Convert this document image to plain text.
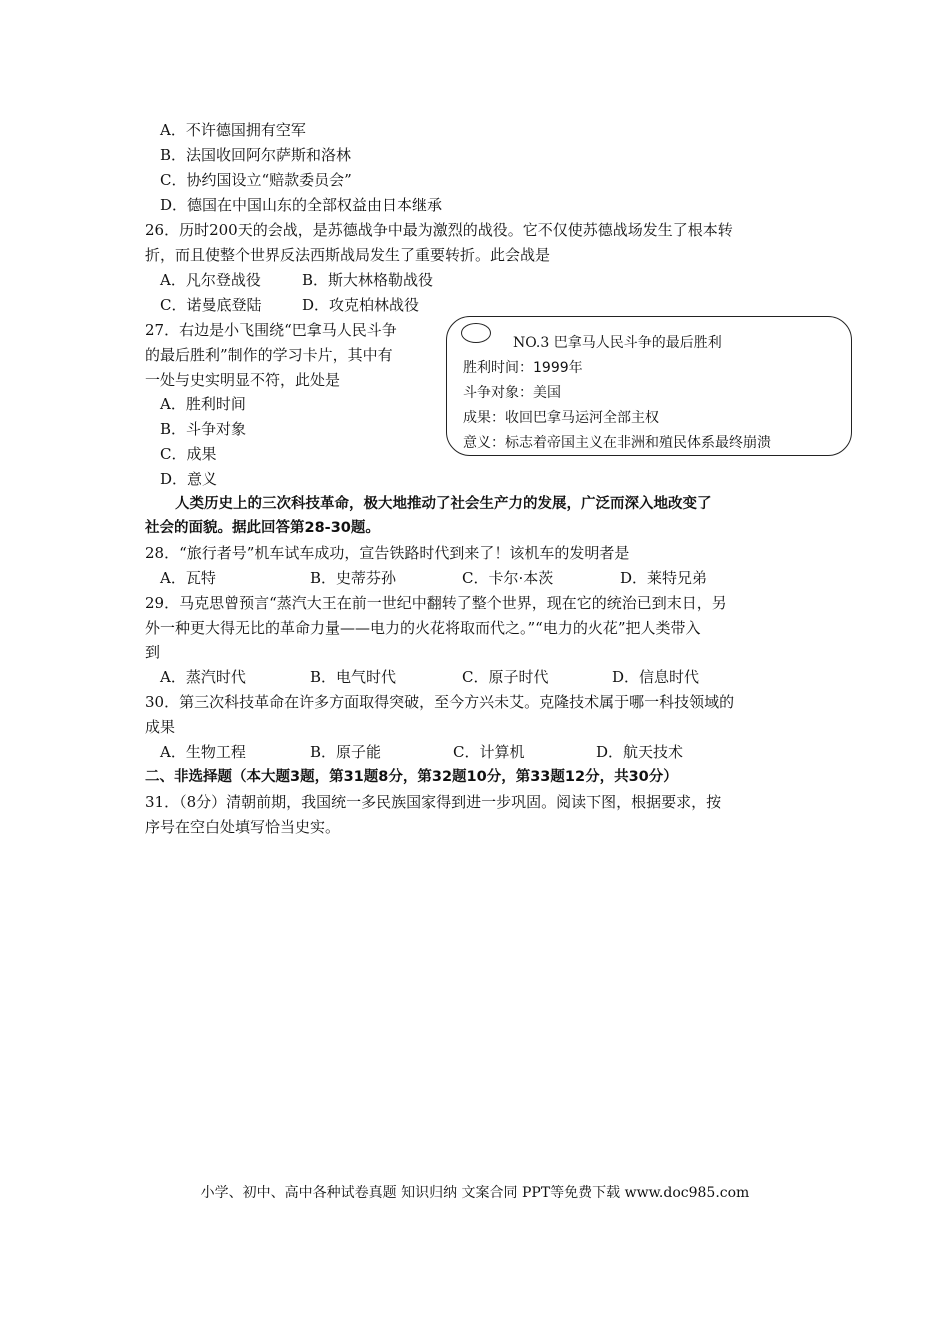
A．不许德国拥有空军
B．法国收回阿尔萨斯和洛林
C．协约国设立“赔款委员会”
D．德国在中国山东的全部权益由日本继承
26．历时200天的会战，是苏德战争中最为激烈的战役。它不仅使苏德战场发生了根本转
折，而且使整个世界反法西斯战局发生了重要转折。此会战是
A．凡尔登战役	B．斯大林格勒战役
C．诺曼底登陆	D．攻克柏林战役
27．右边是小飞围绕“巴拿马人民斗争
的最后胜利”制作的学习卡片，其中有
一处与史实明显不符，此处是
A．胜利时间
B．斗争对象
C．成果
D．意义
NO.3 巴拿马人民斗争的最后胜利
胜利时间：1999年
斗争对象：美国
成果：收回巴拿马运河全部主权
意义：标志着帝国主义在非洲和殖民体系最终崩溃
人类历史上的三次科技革命，极大地推动了社会生产力的发展，广泛而深入地改变了
社会的面貌。据此回答第28-30题。
28．“旅行者号”机车试车成功，宣告铁路时代到来了！该机车的发明者是
A．瓦特	B．史蒂芬孙	C．卡尔·本茨	D．莱特兄弟
29．马克思曾预言“蒸汽大王在前一世纪中翻转了整个世界，现在它的统治已到末日，另
外一种更大得无比的革命力量——电力的火花将取而代之。”“电力的火花”把人类带入
到
A．蒸汽时代	B．电气时代	C．原子时代	D．信息时代
30．第三次科技革命在许多方面取得突破，至今方兴未艾。克隆技术属于哪一科技领域的
成果
A．生物工程	B．原子能	C．计算机	D．航天技术
二、非选择题（本大题3题，第31题8分，第32题10分，第33题12分，共30分）
31．（8分）清朝前期，我国统一多民族国家得到进一步巩固。阅读下图，根据要求，按
序号在空白处填写恰当史实。
小学、初中、高中各种试卷真题 知识归纳 文案合同 PPT等免费下载 www.doc985.com
